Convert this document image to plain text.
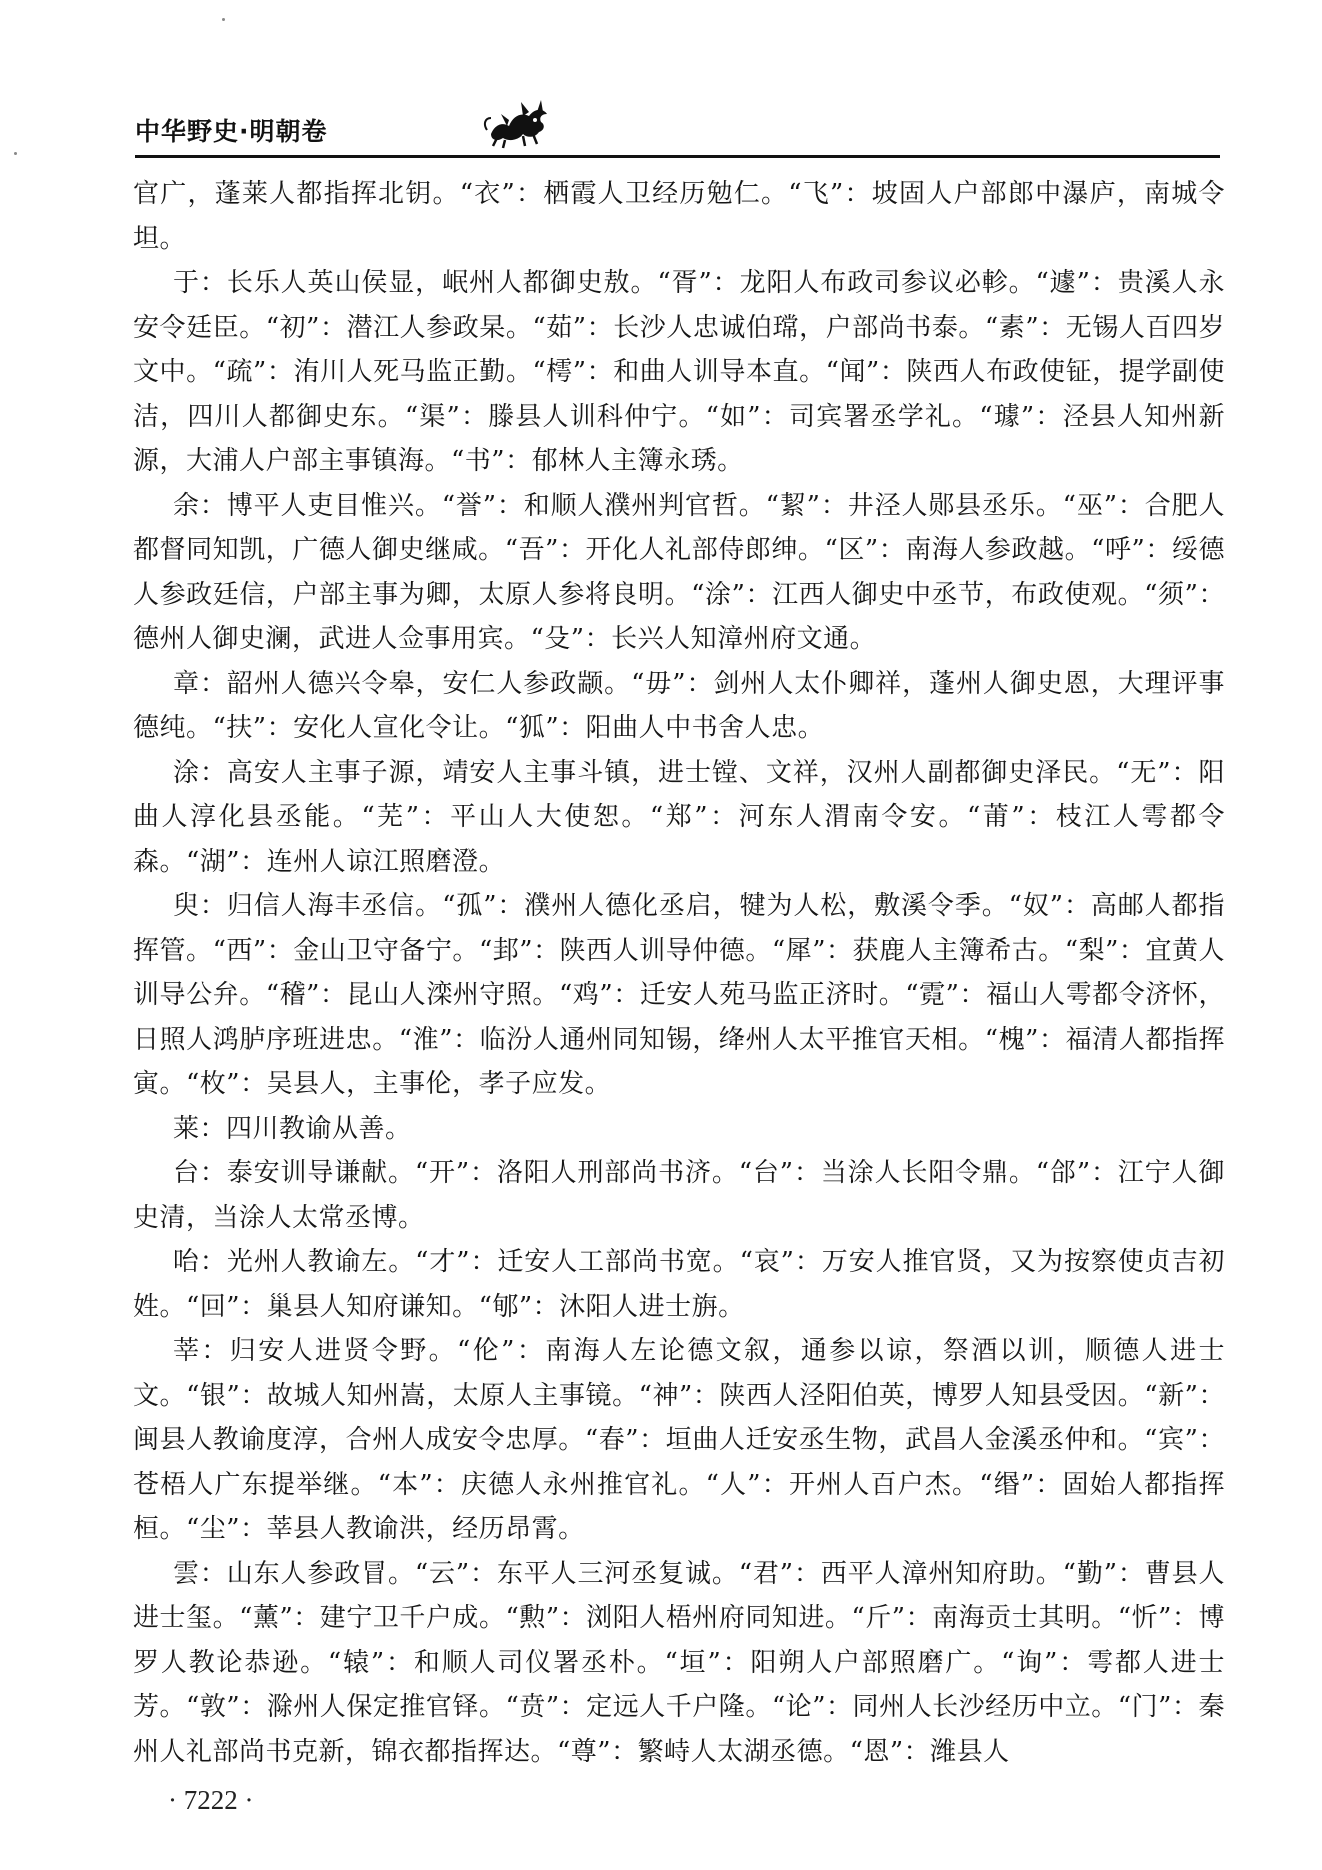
中华野史·明朝卷

官广，蓬莱人都指挥北钥。“衣”：栖霞人卫经历勉仁。“飞”：坡固人户部郎中瀑庐，南城令坦。

于：长乐人英山侯显，岷州人都御史敖。“胥”：龙阳人布政司参议必軫。“遽”：贵溪人永安令廷臣。“初”：潜江人参政杲。“茹”：长沙人忠诚伯瑺，户部尚书泰。“素”：无锡人百四岁文中。“疏”：洧川人死马监正勤。“樗”：和曲人训导本直。“闻”：陕西人布政使钲，提学副使洁，四川人都御史东。“渠”：滕县人训科仲宁。“如”：司宾署丞学礼。“璩”：泾县人知州新源，大浦人户部主事镇海。“书”：郁林人主簿永琇。

余：博平人吏目惟兴。“誉”：和顺人濮州判官哲。“絜”：井泾人郧县丞乐。“巫”：合肥人都督同知凯，广德人御史继咸。“吾”：开化人礼部侍郎绅。“区”：南海人参政越。“呼”：绥德人参政廷信，户部主事为卿，太原人参将良明。“涂”：江西人御史中丞节，布政使观。“须”：德州人御史澜，武进人佥事用宾。“殳”：长兴人知漳州府文通。

章：韶州人德兴令皋，安仁人参政颛。“毋”：剑州人太仆卿祥，蓬州人御史恩，大理评事德纯。“扶”：安化人宣化令让。“狐”：阳曲人中书舍人忠。

涂：高安人主事子源，靖安人主事斗镇，进士镗、文祥，汉州人副都御史泽民。“无”：阳曲人淳化县丞能。“芜”：平山人大使恕。“郑”：河东人渭南令安。“莆”：枝江人雩都令森。“湖”：连州人谅江照磨澄。

臾：归信人海丰丞信。“孤”：濮州人德化丞启，犍为人松，敷溪令季。“奴”：高邮人都指挥管。“西”：金山卫守备宁。“邽”：陕西人训导仲德。“犀”：获鹿人主簿希古。“梨”：宜黄人训导公弁。“稽”：昆山人滦州守照。“鸡”：迁安人苑马监正济时。“霓”：福山人雩都令济怀，日照人鸿胪序班进忠。“淮”：临汾人通州同知锡，绛州人太平推官天相。“槐”：福清人都指挥寅。“枚”：吴县人，主事伦，孝子应发。

莱：四川教谕从善。

台：泰安训导谦献。“开”：洛阳人刑部尚书济。“台”：当涂人长阳令鼎。“郃”：江宁人御史清，当涂人太常丞博。

咍：光州人教谕左。“才”：迁安人工部尚书宽。“哀”：万安人推官贤，又为按察使贞吉初姓。“回”：巢县人知府谦知。“郇”：沐阳人进士旃。

莘：归安人进贤令野。“伦”：南海人左论德文叙，通参以谅，祭酒以训，顺德人进士文。“银”：故城人知州嵩，太原人主事镜。“神”：陕西人泾阳伯英，博罗人知县受因。“新”：闽县人教谕度淳，合州人成安令忠厚。“春”：垣曲人迁安丞生物，武昌人金溪丞仲和。“宾”：苍梧人广东提举继。“本”：庆德人永州推官礼。“人”：开州人百户杰。“缗”：固始人都指挥桓。“尘”：莘县人教谕洪，经历昂霄。

雲：山东人参政冒。“云”：东平人三河丞复诚。“君”：西平人漳州知府助。“勤”：曹县人进士玺。“薰”：建宁卫千户成。“勲”：浏阳人梧州府同知进。“斤”：南海贡士其明。“忻”：博罗人教论恭逊。“辕”：和顺人司仪署丞朴。“垣”：阳朔人户部照磨广。“询”：雩都人进士芳。“敦”：滁州人保定推官铎。“贲”：定远人千户隆。“论”：同州人长沙经历中立。“门”：秦州人礼部尚书克新，锦衣都指挥达。“尊”：繁峙人太湖丞德。“恩”：潍县人

· 7222 ·
